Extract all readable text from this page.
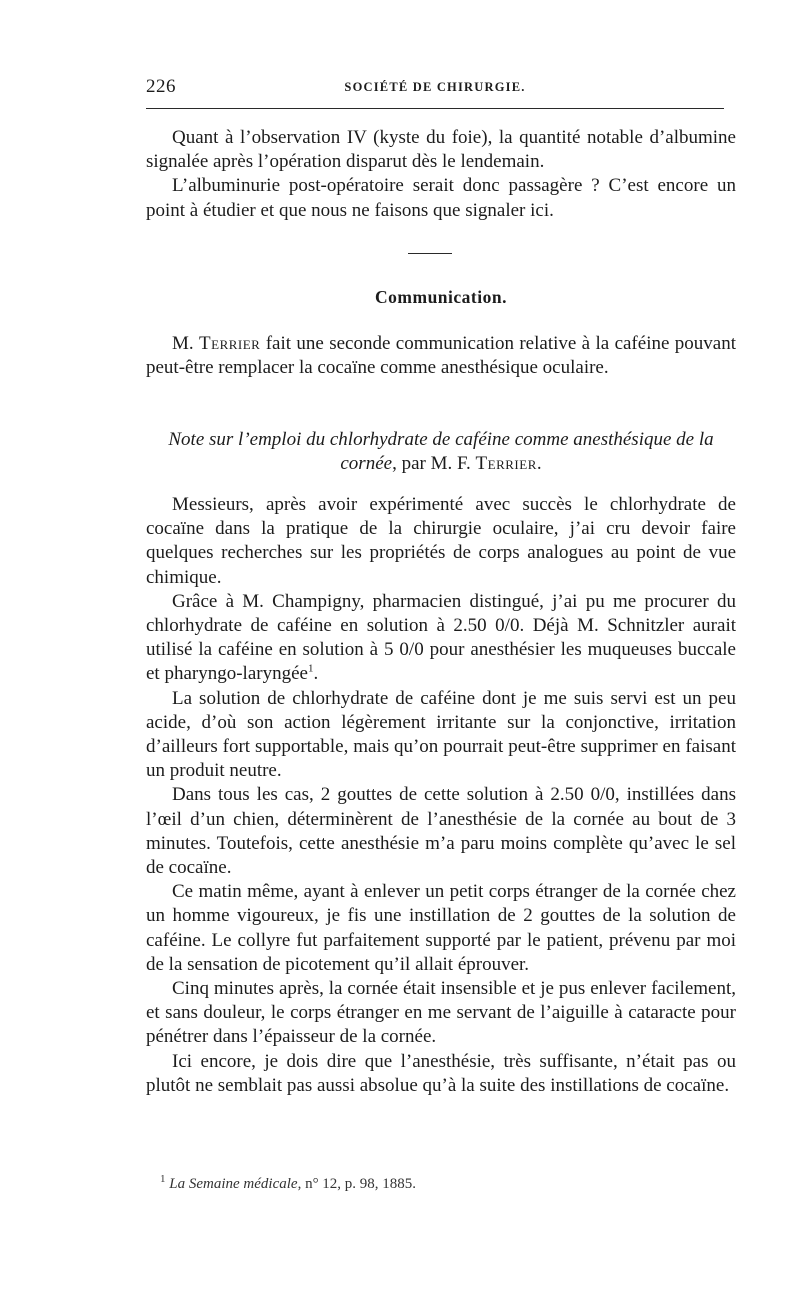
226	SOCIÉTÉ DE CHIRURGIE.

Quant à l’observation IV (kyste du foie), la quantité notable d’albumine signalée après l’opération disparut dès le lendemain.

L’albuminurie post-opératoire serait donc passagère ? C’est encore un point à étudier et que nous ne faisons que signaler ici.

Communication.

M. Terrier fait une seconde communication relative à la caféine pouvant peut-être remplacer la cocaïne comme anesthésique oculaire.

Note sur l’emploi du chlorhydrate de caféine comme anesthésique de la cornée, par M. F. Terrier.

Messieurs, après avoir expérimenté avec succès le chlorhydrate de cocaïne dans la pratique de la chirurgie oculaire, j’ai cru devoir faire quelques recherches sur les propriétés de corps analogues au point de vue chimique.

Grâce à M. Champigny, pharmacien distingué, j’ai pu me procurer du chlorhydrate de caféine en solution à 2.50 0/0. Déjà M. Schnitzler aurait utilisé la caféine en solution à 5 0/0 pour anesthésier les muqueuses buccale et pharyngo-laryngée$^1$.

La solution de chlorhydrate de caféine dont je me suis servi est un peu acide, d’où son action légèrement irritante sur la conjonctive, irritation d’ailleurs fort supportable, mais qu’on pourrait peut-être supprimer en faisant un produit neutre.

Dans tous les cas, 2 gouttes de cette solution à 2.50 0/0, instillées dans l’œil d’un chien, déterminèrent de l’anesthésie de la cornée au bout de 3 minutes. Toutefois, cette anesthésie m’a paru moins complète qu’avec le sel de cocaïne.

Ce matin même, ayant à enlever un petit corps étranger de la cornée chez un homme vigoureux, je fis une instillation de 2 gouttes de la solution de caféine. Le collyre fut parfaitement supporté par le patient, prévenu par moi de la sensation de picotement qu’il allait éprouver.

Cinq minutes après, la cornée était insensible et je pus enlever facilement, et sans douleur, le corps étranger en me servant de l’aiguille à cataracte pour pénétrer dans l’épaisseur de la cornée.

Ici encore, je dois dire que l’anesthésie, très suffisante, n’était pas ou plutôt ne semblait pas aussi absolue qu’à la suite des instillations de cocaïne.

$^1$ La Semaine médicale, n° 12, p. 98, 1885.
